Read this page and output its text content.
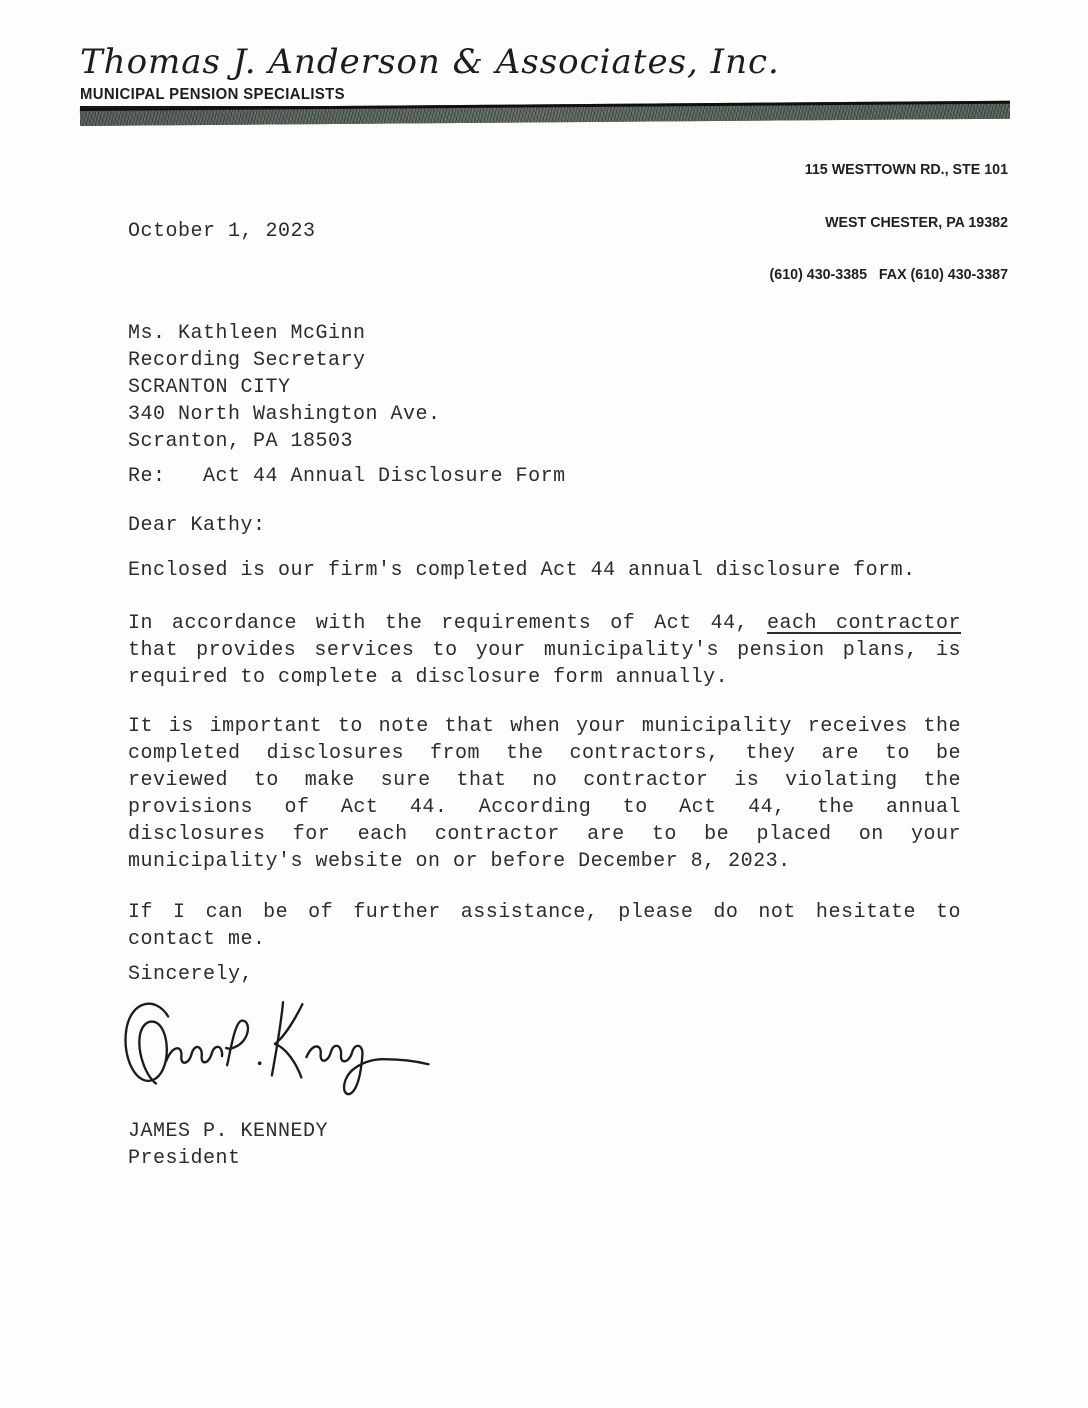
Thomas J. Anderson & Associates, Inc.
MUNICIPAL PENSION SPECIALISTS

115 WESTTOWN RD., STE 101

WEST CHESTER, PA 19382

(610) 430-3385   FAX (610) 430-3387

October 1, 2023
Ms. Kathleen McGinn
Recording Secretary
SCRANTON CITY
340 North Washington Ave.
Scranton, PA 18503
Re:   Act 44 Annual Disclosure Form
Dear Kathy:

Enclosed is our firm's completed Act 44 annual disclosure form.

In accordance with the requirements of Act 44, each contractor
that provides services to your municipality's pension plans, is
required to complete a disclosure form annually.
It is important to note that when your municipality receives the
completed disclosures from the contractors, they are to be
reviewed to make sure that no contractor is violating the
provisions of Act 44. According to Act 44, the annual
disclosures for each contractor are to be placed on your
municipality's website on or before December 8, 2023.
If I can be of further assistance, please do not hesitate to
contact me.
Sincerely,
JAMES P. KENNEDY
President
